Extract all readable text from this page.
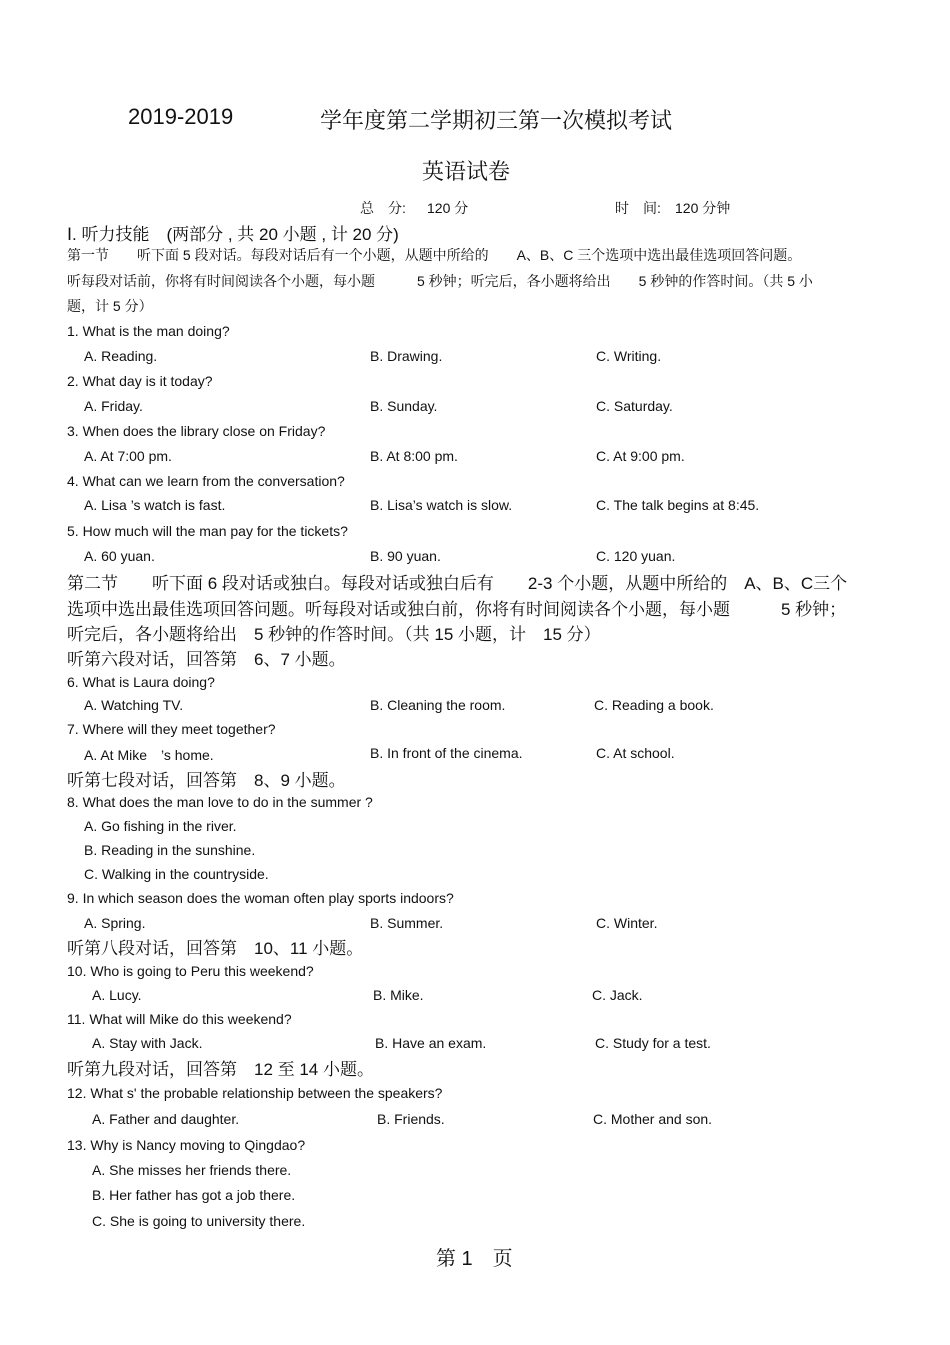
2019-2019	学年度第二学期初三第一次模拟考试
英语试卷
总　分: 120 分	时　间: 120 分钟
Ⅰ. 听力技能　(两部分 , 共 20 小题 , 计 20 分)
第一节　　听下面 5 段对话。每段对话后有一个小题，从题中所给的　　A、B、C 三个选项中选出最佳选项回答问题。
听每段对话前，你将有时间阅读各个小题，每小题　　　5 秒钟；听完后，各小题将给出　　5 秒钟的作答时间。（共 5 小
题，计 5 分）
1. What is the man doing?
A. Reading.	B. Drawing.	C. Writing.
2. What day is it today?
A. Friday.	B. Sunday.	C. Saturday.
3. When does the library close on Friday?
A. At 7:00 pm.	B. At 8:00 pm.	C. At 9:00 pm.
4. What can we learn from the conversation?
A. Lisa ’s watch is fast.	B. Lisa’s watch is slow.	C. The talk begins at 8:45.
5. How much will the man pay for the tickets?
A. 60 yuan.	B. 90 yuan.	C. 120 yuan.
第二节　　听下面 6 段对话或独白。每段对话或独白后有　　2-3 个小题，从题中所给的　A、B、C三个
选项中选出最佳选项回答问题。听每段对话或独白前，你将有时间阅读各个小题，每小题　　　5 秒钟；
听完后，各小题将给出　5 秒钟的作答时间。（共 15 小题，计　15 分）
听第六段对话，回答第　6、7 小题。
6. What is Laura doing?
A. Watching TV.	B. Cleaning the room.	C. Reading a book.
7. Where will they meet together?
A. At Mike　’s home.	B. In front of the cinema.	C. At school.
听第七段对话，回答第　8、9 小题。
8. What does the man love to do in the summer ?
A. Go fishing in the river.
B. Reading in the sunshine.
C. Walking in the countryside.
9. In which season does the woman often play sports indoors?
A. Spring.	B. Summer.	C. Winter.
听第八段对话，回答第　10、11 小题。
10. Who is going to Peru this weekend?
A. Lucy.	B. Mike.	C. Jack.
11. What will Mike do this weekend?
A. Stay with Jack.	B. Have an exam.	C. Study for a test.
听第九段对话，回答第　12 至 14 小题。
12. What s' the probable relationship between the speakers?
A. Father and daughter.	B. Friends.	C. Mother and son.
13. Why is Nancy moving to Qingdao?
A. She misses her friends there.
B. Her father has got a job there.
C. She is going to university there.
第 1　页
